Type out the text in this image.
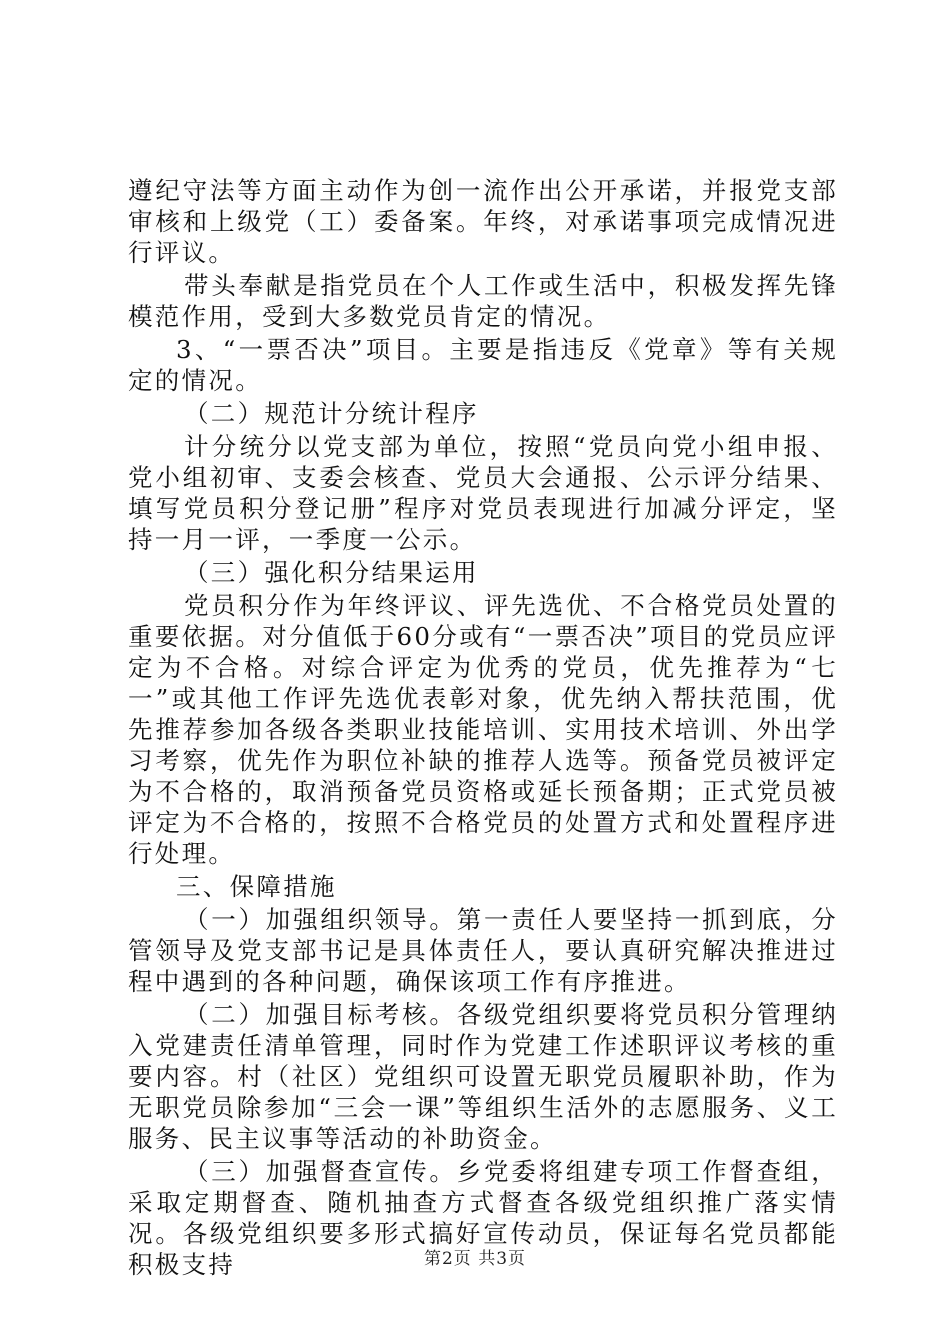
遵纪守法等方面主动作为创一流作出公开承诺，并报党支部审核和上级党（工）委备案。年终，对承诺事项完成情况进行评议。

带头奉献是指党员在个人工作或生活中，积极发挥先锋模范作用，受到大多数党员肯定的情况。

3、“一票否决”项目。主要是指违反《党章》等有关规定的情况。

（二）规范计分统计程序

计分统分以党支部为单位，按照“党员向党小组申报、党小组初审、支委会核查、党员大会通报、公示评分结果、填写党员积分登记册”程序对党员表现进行加减分评定，坚持一月一评，一季度一公示。

（三）强化积分结果运用

党员积分作为年终评议、评先选优、不合格党员处置的重要依据。对分值低于60分或有“一票否决”项目的党员应评定为不合格。对综合评定为优秀的党员，优先推荐为“七一”或其他工作评先选优表彰对象，优先纳入帮扶范围，优先推荐参加各级各类职业技能培训、实用技术培训、外出学习考察，优先作为职位补缺的推荐人选等。预备党员被评定为不合格的，取消预备党员资格或延长预备期；正式党员被评定为不合格的，按照不合格党员的处置方式和处置程序进行处理。

三、保障措施

（一）加强组织领导。第一责任人要坚持一抓到底，分管领导及党支部书记是具体责任人，要认真研究解决推进过程中遇到的各种问题，确保该项工作有序推进。

（二）加强目标考核。各级党组织要将党员积分管理纳入党建责任清单管理，同时作为党建工作述职评议考核的重要内容。村（社区）党组织可设置无职党员履职补助，作为无职党员除参加“三会一课”等组织生活外的志愿服务、义工服务、民主议事等活动的补助资金。

（三）加强督查宣传。乡党委将组建专项工作督查组，采取定期督查、随机抽查方式督查各级党组织推广落实情况。各级党组织要多形式搞好宣传动员，保证每名党员都能积极支持	第2页 共3页
